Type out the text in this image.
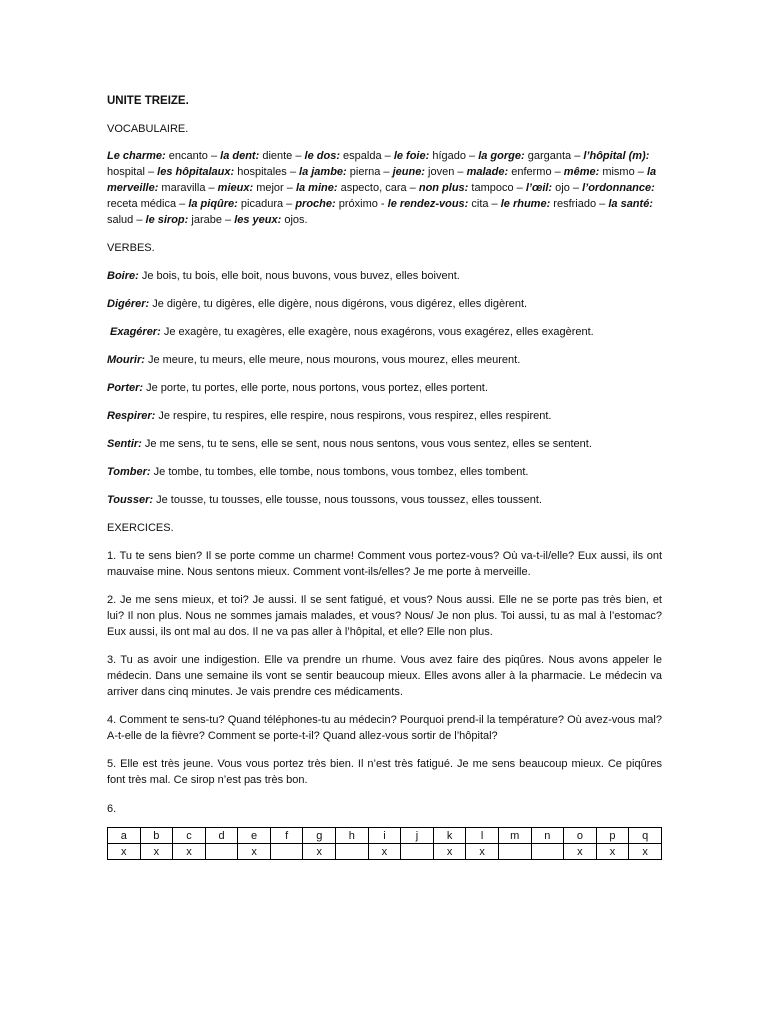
UNITE TREIZE.

VOCABULAIRE.

Le charme: encanto – la dent: diente – le dos: espalda – le foie: hígado – la gorge: garganta – l’hôpital (m): hospital – les hôpitalaux: hospitales – la jambe: pierna – jeune: joven – malade: enfermo – même: mismo – la merveille: maravilla – mieux: mejor – la mine: aspecto, cara – non plus: tampoco – l’œil: ojo – l’ordonnance: receta médica – la piqûre: picadura – proche: próximo - le rendez-vous: cita – le rhume: resfriado – la santé: salud – le sirop: jarabe – les yeux: ojos.

VERBES.

Boire: Je bois, tu bois, elle boit, nous buvons, vous buvez, elles boivent.

Digérer: Je digère, tu digères, elle digère, nous digérons, vous digérez, elles digèrent.

Exagérer: Je exagère, tu exagères, elle exagère, nous exagérons, vous exagérez, elles exagèrent.

Mourir: Je meure, tu meurs, elle meure, nous mourons, vous mourez, elles meurent.

Porter: Je porte, tu portes, elle porte, nous portons, vous portez, elles portent.

Respirer: Je respire, tu respires, elle respire, nous respirons, vous respirez, elles respirent.

Sentir: Je me sens, tu te sens, elle se sent, nous nous sentons, vous vous sentez, elles se sentent.

Tomber: Je tombe, tu tombes, elle tombe, nous tombons, vous tombez, elles tombent.

Tousser: Je tousse, tu tousses, elle tousse, nous toussons, vous toussez, elles toussent.

EXERCICES.

1. Tu te sens bien? Il se porte comme un charme! Comment vous portez-vous? Où va-t-il/elle? Eux aussi, ils ont mauvaise mine. Nous sentons mieux. Comment vont-ils/elles? Je me porte à merveille.

2. Je me sens mieux, et toi? Je aussi. Il se sent fatigué, et vous? Nous aussi. Elle ne se porte pas très bien, et lui? Il non plus. Nous ne sommes jamais malades, et vous? Nous/ Je non plus. Toi aussi, tu as mal à l’estomac? Eux aussi, ils ont mal au dos. Il ne va pas aller à l’hôpital, et elle? Elle non plus.

3. Tu as avoir une indigestion. Elle va prendre un rhume. Vous avez faire des piqûres. Nous avons appeler le médecin. Dans une semaine ils vont se sentir beaucoup mieux. Elles avons aller à la pharmacie. Le médecin va arriver dans cinq minutes. Je vais prendre ces médicaments.

4. Comment te sens-tu? Quand téléphones-tu au médecin? Pourquoi prend-il la température? Où avez-vous mal? A-t-elle de la fièvre? Comment se porte-t-il? Quand allez-vous sortir de l’hôpital?

5. Elle est très jeune. Vous vous portez très bien. Il n’est très fatigué. Je me sens beaucoup mieux. Ce piqûres font très mal. Ce sirop n’est pas très bon.

6.

a	b	c	d	e	f	g	h	i	j	k	l	m	n	o	p	q
x	x	x		x		x		x		x	x			x	x	x
